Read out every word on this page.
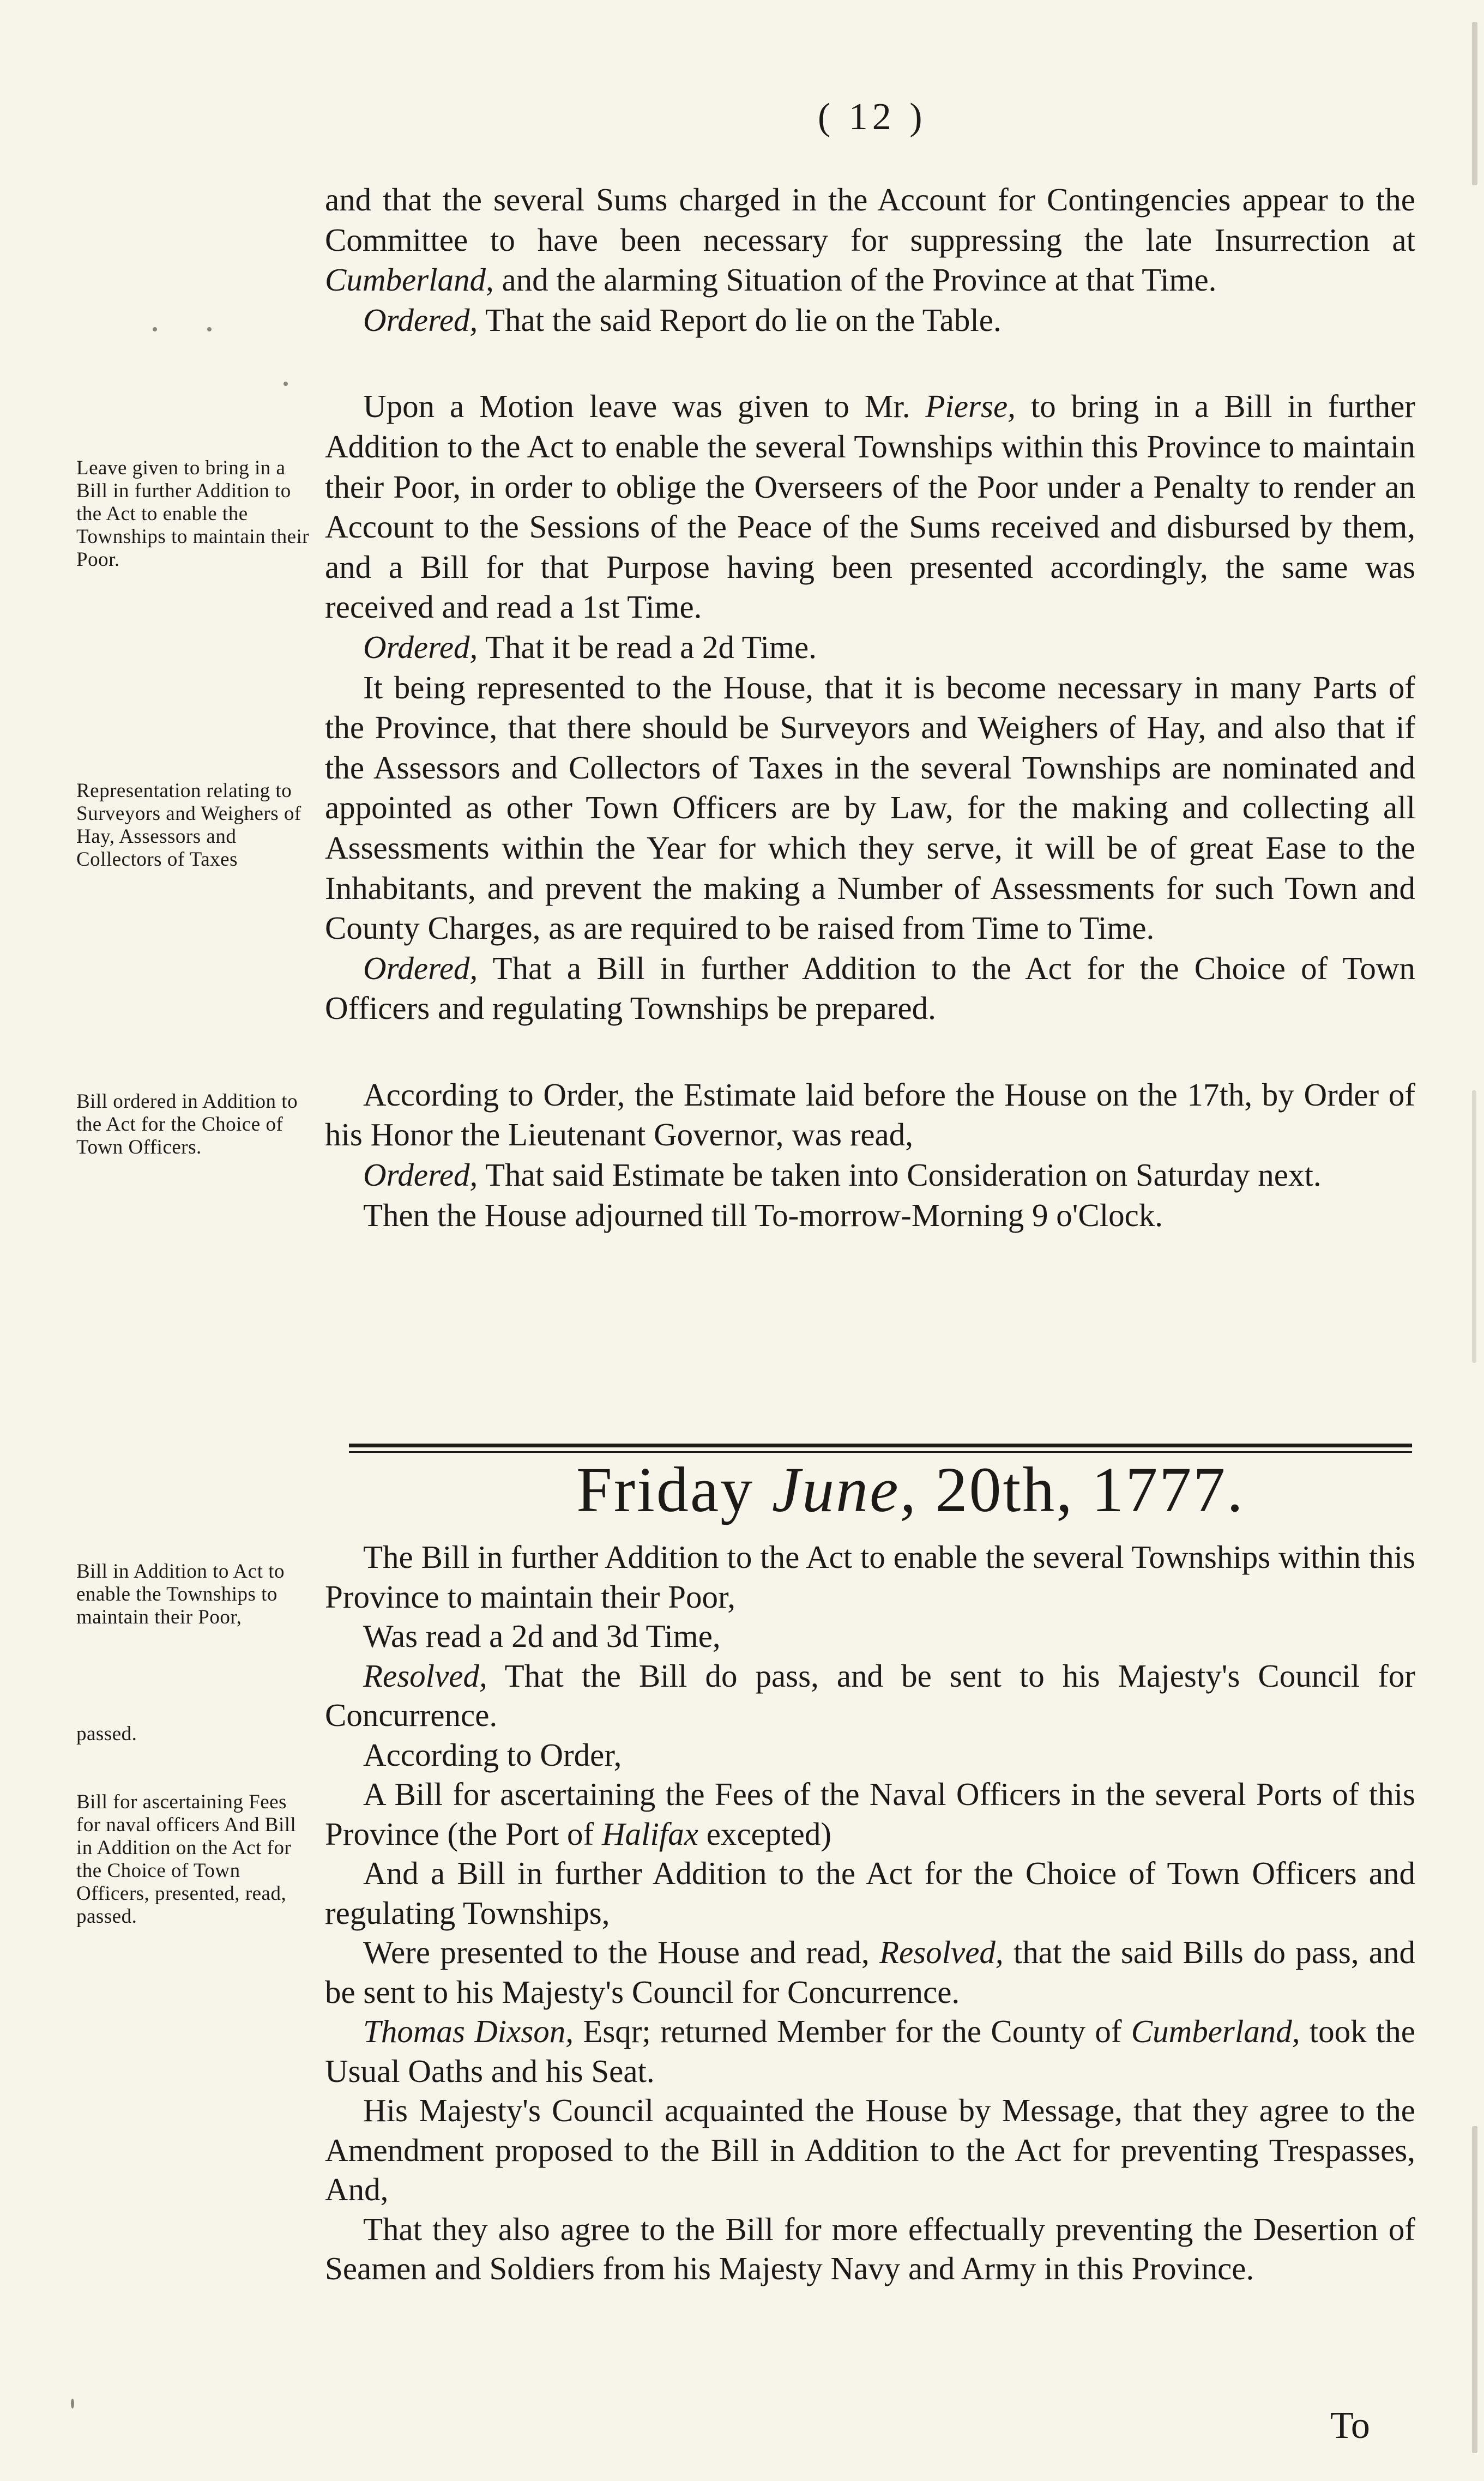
( 12 )
Leave given to bring in a Bill in further Addition to the Act to enable the Townships to maintain their Poor.
Representation relating to Surveyors and Weighers of Hay, Assessors and Collectors of Taxes
Bill ordered in Addition to the Act for the Choice of Town Officers.
Bill in Addition to Act to enable the Townships to maintain their Poor,
passed.
Bill for ascertaining Fees for naval officers And Bill in Addition on the Act for the Choice of Town Officers, presented, read, passed.

and that the several Sums charged in the Account for Contingencies appear to the Committee to have been necessary for suppressing the late Insurrection at Cumberland, and the alarming Situation of the Province at that Time.

Ordered, That the said Report do lie on the Table.

Upon a Motion leave was given to Mr. Pierse, to bring in a Bill in further Addition to the Act to enable the several Townships within this Province to maintain their Poor, in order to oblige the Overseers of the Poor under a Penalty to render an Account to the Sessions of the Peace of the Sums received and disbursed by them, and a Bill for that Purpose having been presented accordingly, the same was received and read a 1st Time.

Ordered, That it be read a 2d Time.

It being represented to the House, that it is become necessary in many Parts of the Province, that there should be Surveyors and Weighers of Hay, and also that if the Assessors and Collectors of Taxes in the several Townships are nominated and appointed as other Town Officers are by Law, for the making and collecting all Assessments within the Year for which they serve, it will be of great Ease to the Inhabitants, and prevent the making a Number of Assessments for such Town and County Charges, as are required to be raised from Time to Time.

Ordered, That a Bill in further Addition to the Act for the Choice of Town Officers and regulating Townships be prepared.

According to Order, the Estimate laid before the House on the 17th, by Order of his Honor the Lieutenant Governor, was read,

Ordered, That said Estimate be taken into Consideration on Saturday next.

Then the House adjourned till To-morrow-Morning 9 o'Clock.

Friday June, 20th, 1777.

The Bill in further Addition to the Act to enable the several Townships within this Province to maintain their Poor,

Was read a 2d and 3d Time,

Resolved, That the Bill do pass, and be sent to his Majesty's Council for Concurrence.

According to Order,

A Bill for ascertaining the Fees of the Naval Officers in the several Ports of this Province (the Port of Halifax excepted)

And a Bill in further Addition to the Act for the Choice of Town Officers and regulating Townships,

Were presented to the House and read, Resolved, that the said Bills do pass, and be sent to his Majesty's Council for Concurrence.

Thomas Dixson, Esqr; returned Member for the County of Cumberland, took the Usual Oaths and his Seat.

His Majesty's Council acquainted the House by Message, that they agree to the Amendment proposed to the Bill in Addition to the Act for preventing Trespasses, And,

That they also agree to the Bill for more effectually preventing the Desertion of Seamen and Soldiers from his Majesty Navy and Army in this Province.

To
